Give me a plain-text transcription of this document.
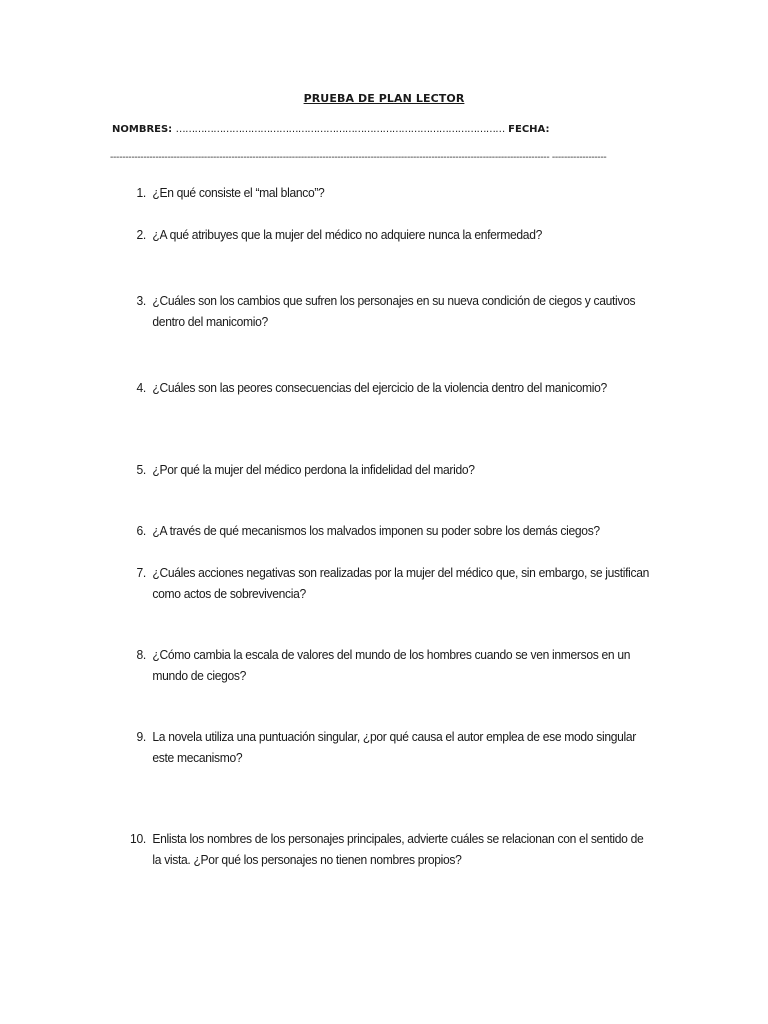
PRUEBA DE PLAN LECTOR
NOMBRES: …………………………………………………………………………………………… FECHA:
------------------------------------------------------------------------------------------------------------------------------------------------- ------------------
1. ¿En qué consiste el “mal blanco”?
2. ¿A qué atribuyes que la mujer del médico no adquiere nunca la enfermedad?
3. ¿Cuáles son los cambios que sufren los personajes en su nueva condición de ciegos y cautivos dentro del manicomio?
4. ¿Cuáles son las peores consecuencias del ejercicio de la violencia dentro del manicomio?
5. ¿Por qué la mujer del médico perdona la infidelidad del marido?
6. ¿A través de qué mecanismos los malvados imponen su poder sobre los demás ciegos?
7. ¿Cuáles acciones negativas son realizadas por la mujer del médico que, sin embargo, se justifican como actos de sobrevivencia?
8. ¿Cómo cambia la escala de valores del mundo de los hombres cuando se ven inmersos en un mundo de ciegos?
9. La novela utiliza una puntuación singular, ¿por qué causa el autor emplea de ese modo singular este mecanismo?
10. Enlista los nombres de los personajes principales, advierte cuáles se relacionan con el sentido de la vista. ¿Por qué los personajes no tienen nombres propios?
